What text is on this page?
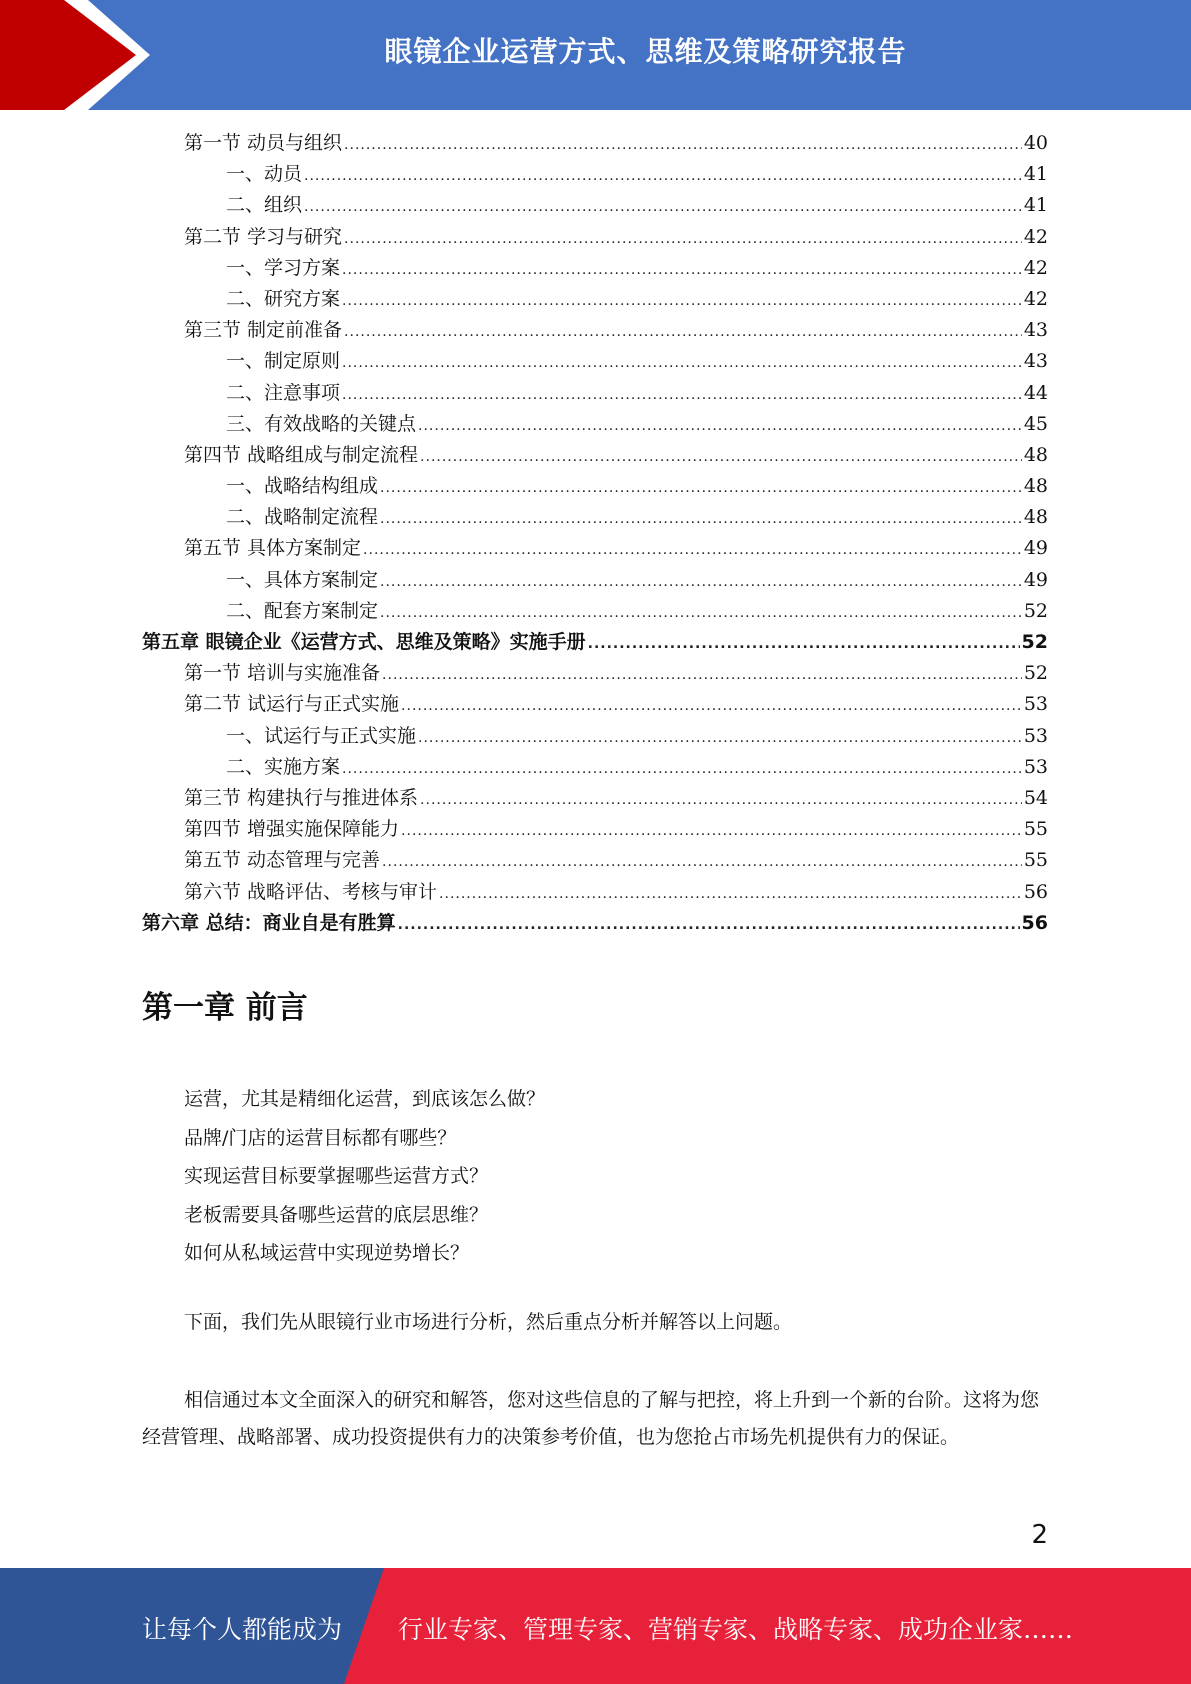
眼镜企业运营方式、思维及策略研究报告
第一节 动员与组织 .....	40
一、动员 .....	41
二、组织 .....	41
第二节 学习与研究 .....	42
一、学习方案 .....	42
二、研究方案 .....	42
第三节 制定前准备 .....	43
一、制定原则 .....	43
二、注意事项 .....	44
三、有效战略的关键点 .....	45
第四节 战略组成与制定流程 .....	48
一、战略结构组成 .....	48
二、战略制定流程 .....	48
第五节 具体方案制定 .....	49
一、具体方案制定 .....	49
二、配套方案制定 .....	52
第五章 眼镜企业《运营方式、思维及策略》实施手册 .....	52
第一节 培训与实施准备 .....	52
第二节 试运行与正式实施 .....	53
一、试运行与正式实施 .....	53
二、实施方案 .....	53
第三节 构建执行与推进体系 .....	54
第四节 增强实施保障能力 .....	55
第五节 动态管理与完善 .....	55
第六节 战略评估、考核与审计 .....	56
第六章 总结：商业自是有胜算 .....	56
第一章 前言
运营，尤其是精细化运营，到底该怎么做？
品牌/门店的运营目标都有哪些？
实现运营目标要掌握哪些运营方式？
老板需要具备哪些运营的底层思维？
如何从私域运营中实现逆势增长？
下面，我们先从眼镜行业市场进行分析，然后重点分析并解答以上问题。
相信通过本文全面深入的研究和解答，您对这些信息的了解与把控，将上升到一个新的台阶。这将为您经营管理、战略部署、成功投资提供有力的决策参考价值，也为您抢占市场先机提供有力的保证。
2
让每个人都能成为 行业专家、管理专家、营销专家、战略专家、成功企业家……
